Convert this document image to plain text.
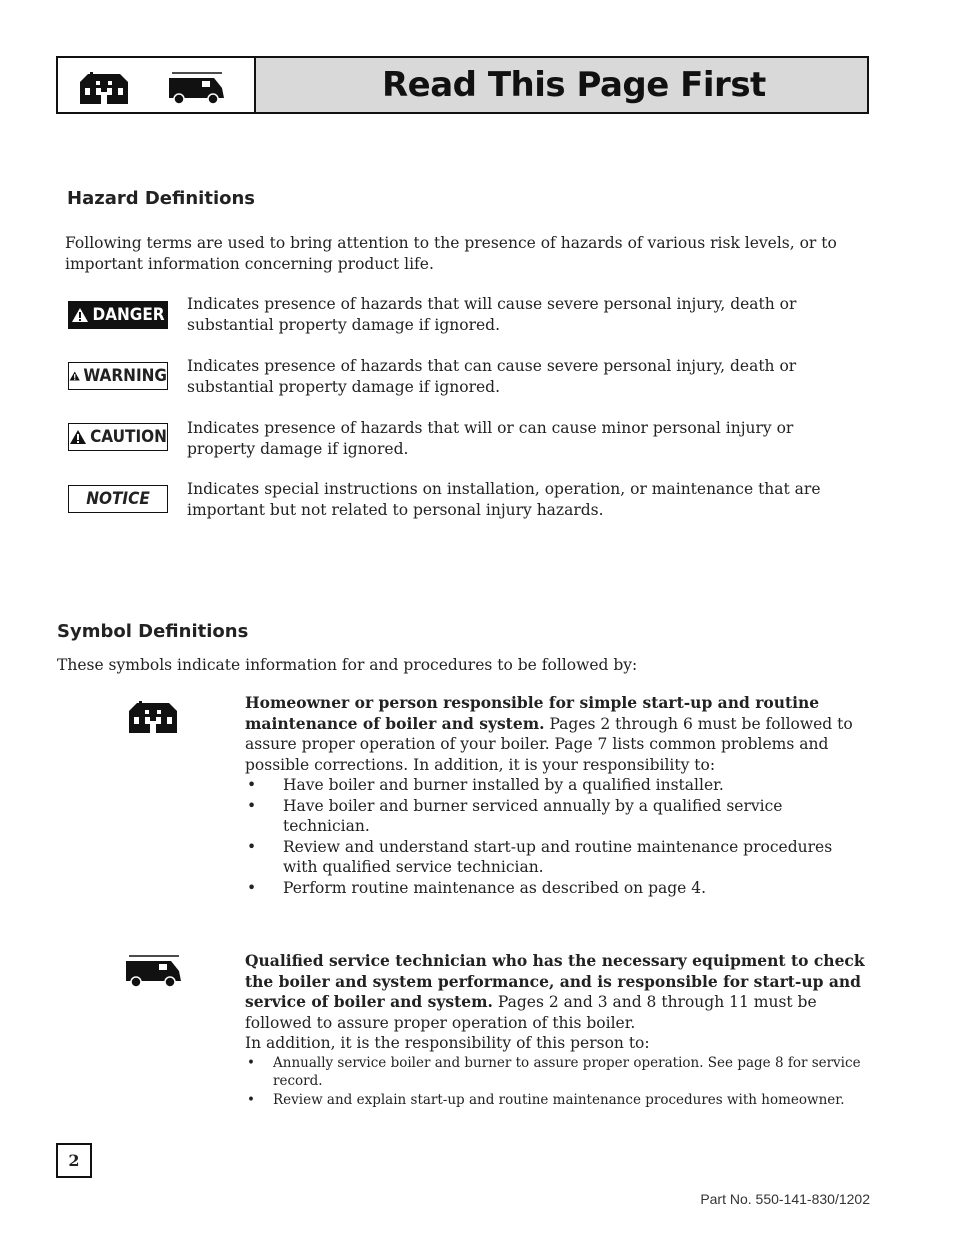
Read This Page First
Hazard Definitions
Following terms are used to bring attention to the presence of hazards of various risk levels, or to important information concerning product life.
DANGER
Indicates presence of hazards that will cause severe personal injury, death or substantial property damage if ignored.
WARNING Indicates presence of hazards that can cause severe personal injury, death or substantial property damage if ignored.
CAUTION Indicates presence of hazards that will or can cause minor personal injury or property damage if ignored.
NOTICE Indicates special instructions on installation, operation, or maintenance that are important but not related to personal injury hazards.
Symbol Definitions
These symbols indicate information for and procedures to be followed by:
Homeowner or person responsible for simple start-up and routine maintenance of boiler and system. Pages 2 through 6 must be followed to assure proper operation of your boiler. Page 7 lists common problems and possible corrections. In addition, it is your responsibility to:
• Have boiler and burner installed by a qualified installer.
• Have boiler and burner serviced annually by a qualified service technician.
• Review and understand start-up and routine maintenance procedures with qualified service technician.
• Perform routine maintenance as described on page 4.
Qualified service technician who has the necessary equipment to check the boiler and system performance, and is responsible for start-up and service of boiler and system. Pages 2 and 3 and 8 through 11 must be followed to assure proper operation of this boiler.
In addition, it is the responsibility of this person to:
• Annually service boiler and burner to assure proper operation. See page 8 for service record.
• Review and explain start-up and routine maintenance procedures with homeowner.
2
Part No. 550-141-830/1202
